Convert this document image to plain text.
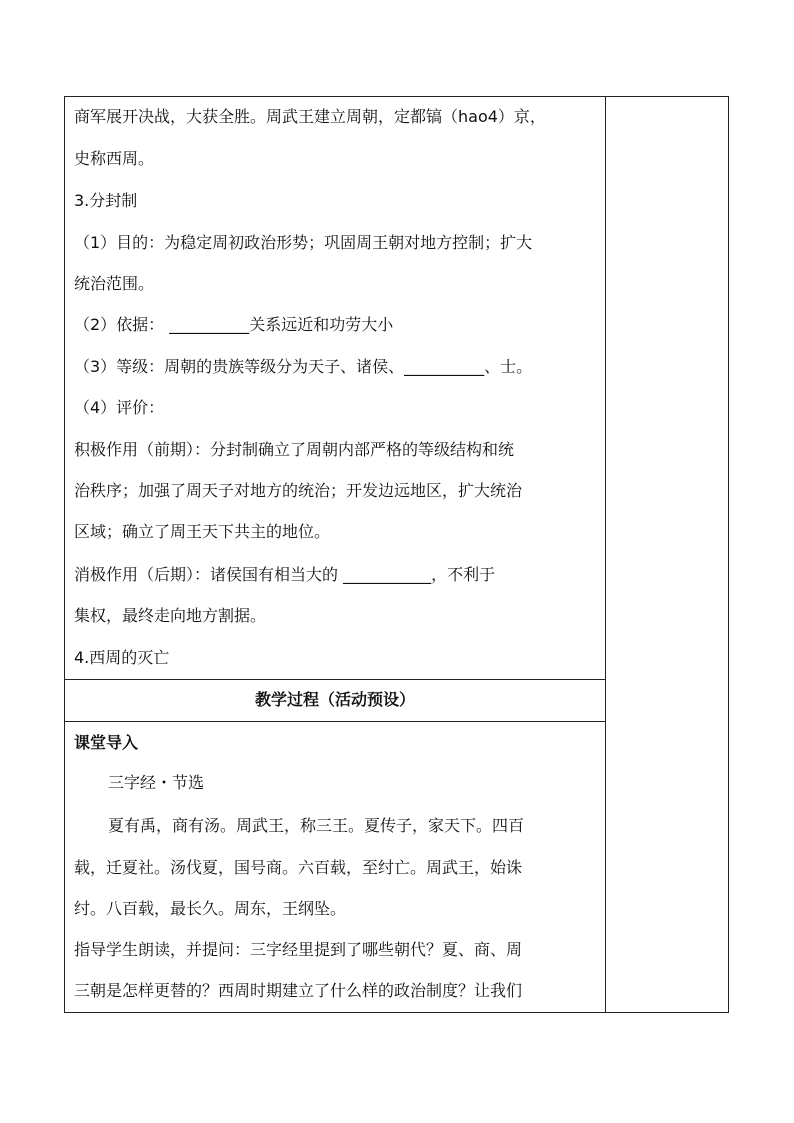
商军展开决战，大获全胜。周武王建立周朝，定都镐（hao4）京，
史称西周。
3.分封制
（1）目的：为稳定周初政治形势；巩固周王朝对地方控制；扩大
统治范围。
（2）依据： __________关系远近和功劳大小
（3）等级：周朝的贵族等级分为天子、诸侯、__________、士。
（4）评价：
积极作用（前期）：分封制确立了周朝内部严格的等级结构和统
治秩序；加强了周天子对地方的统治；开发边远地区，扩大统治
区域；确立了周王天下共主的地位。
消极作用（后期）：诸侯国有相当大的 ___________，不利于
集权，最终走向地方割据。
4.西周的灭亡
教学过程（活动预设）
课堂导入
三字经・节选
夏有禹，商有汤。周武王，称三王。夏传子，家天下。四百
载，迁夏社。汤伐夏，国号商。六百载，至纣亡。周武王，始诛
纣。八百载，最长久。周东，王纲坠。
指导学生朗读，并提问：三字经里提到了哪些朝代？夏、商、周
三朝是怎样更替的？西周时期建立了什么样的政治制度？让我们
